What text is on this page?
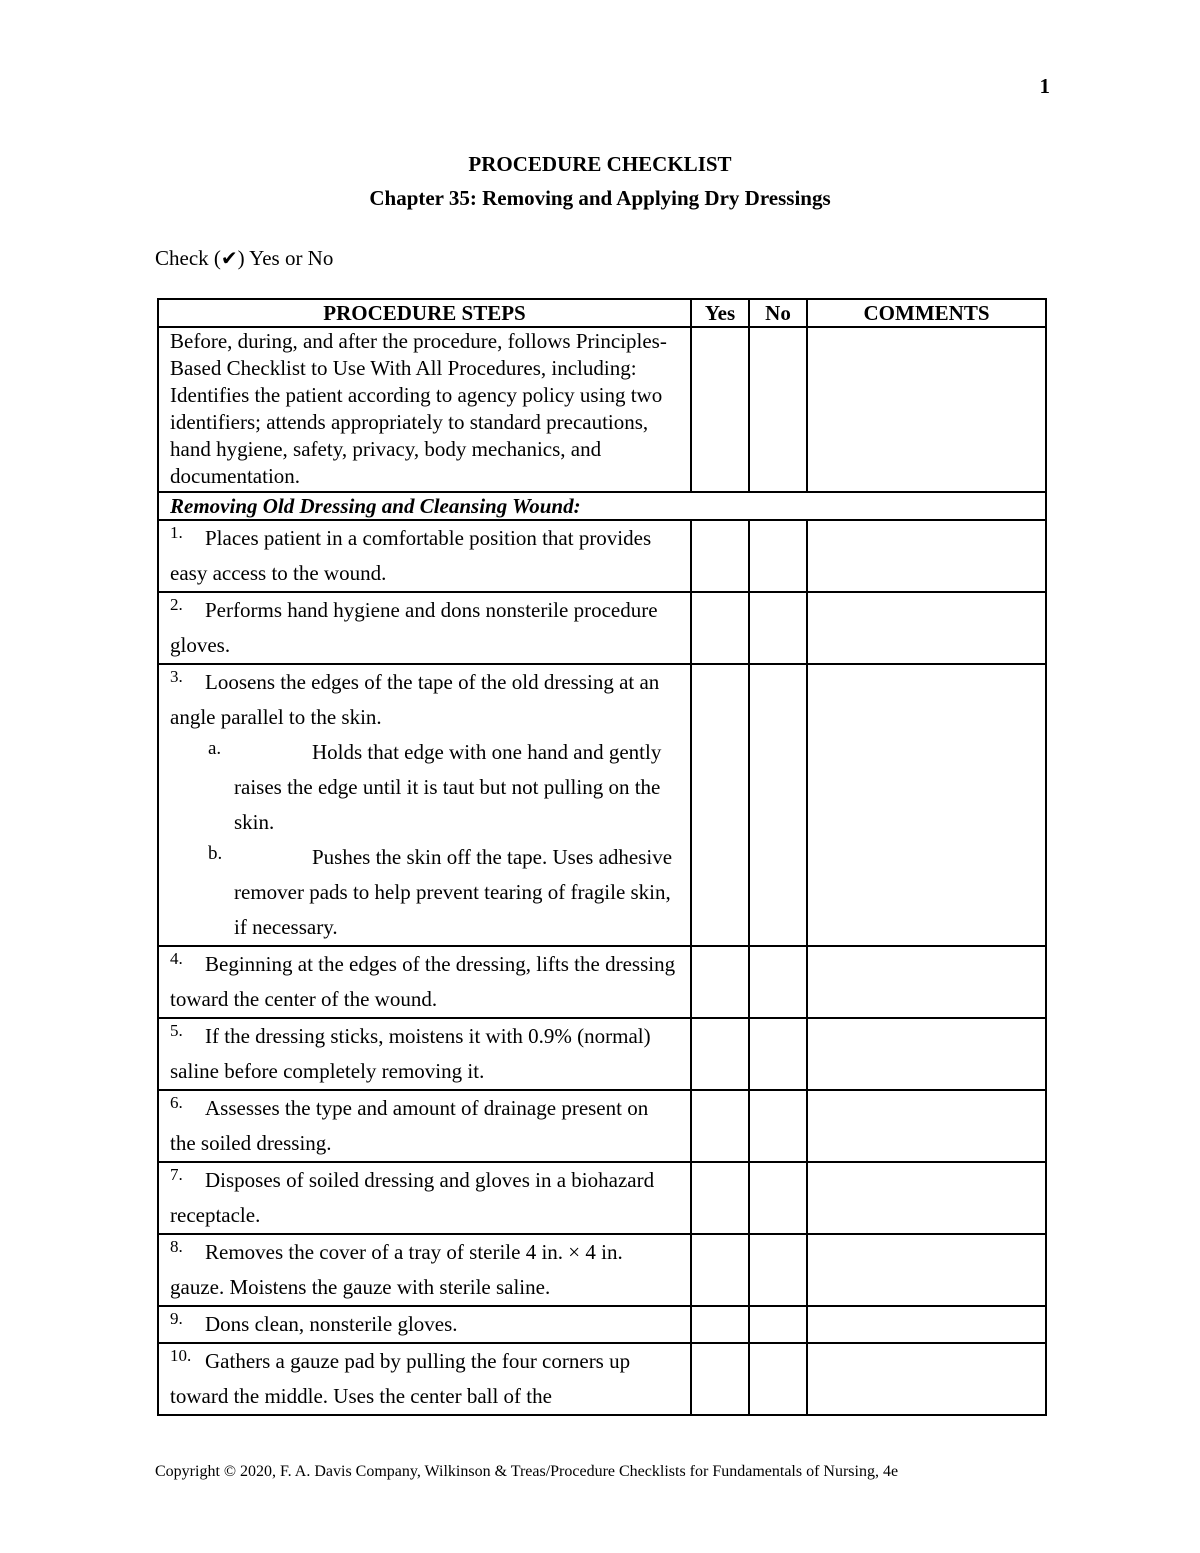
1
PROCEDURE CHECKLIST
Chapter 35: Removing and Applying Dry Dressings
Check (✔) Yes or No
PROCEDURE STEPS	Yes	No	COMMENTS
Before, during, and after the procedure, follows Principles-Based Checklist to Use With All Procedures, including: Identifies the patient according to agency policy using two identifiers; attends appropriately to standard precautions, hand hygiene, safety, privacy, body mechanics, and documentation.			
Removing Old Dressing and Cleansing Wound:			
1. Places patient in a comfortable position that provides easy access to the wound.			
2. Performs hand hygiene and dons nonsterile procedure gloves.			
3. Loosens the edges of the tape of the old dressing at an angle parallel to the skin.
a. Holds that edge with one hand and gently raises the edge until it is taut but not pulling on the skin.
b. Pushes the skin off the tape. Uses adhesive remover pads to help prevent tearing of fragile skin, if necessary.			

4. Beginning at the edges of the dressing, lifts the dressing toward the center of the wound.			
5. If the dressing sticks, moistens it with 0.9% (normal) saline before completely removing it.			
6. Assesses the type and amount of drainage present on the soiled dressing.			
7. Disposes of soiled dressing and gloves in a biohazard receptacle.			
8. Removes the cover of a tray of sterile 4 in. × 4 in. gauze. Moistens the gauze with sterile saline.			
9. Dons clean, nonsterile gloves.			
10. Gathers a gauze pad by pulling the four corners up toward the middle. Uses the center ball of the			
Copyright © 2020, F. A. Davis Company, Wilkinson & Treas/Procedure Checklists for Fundamentals of Nursing, 4e
